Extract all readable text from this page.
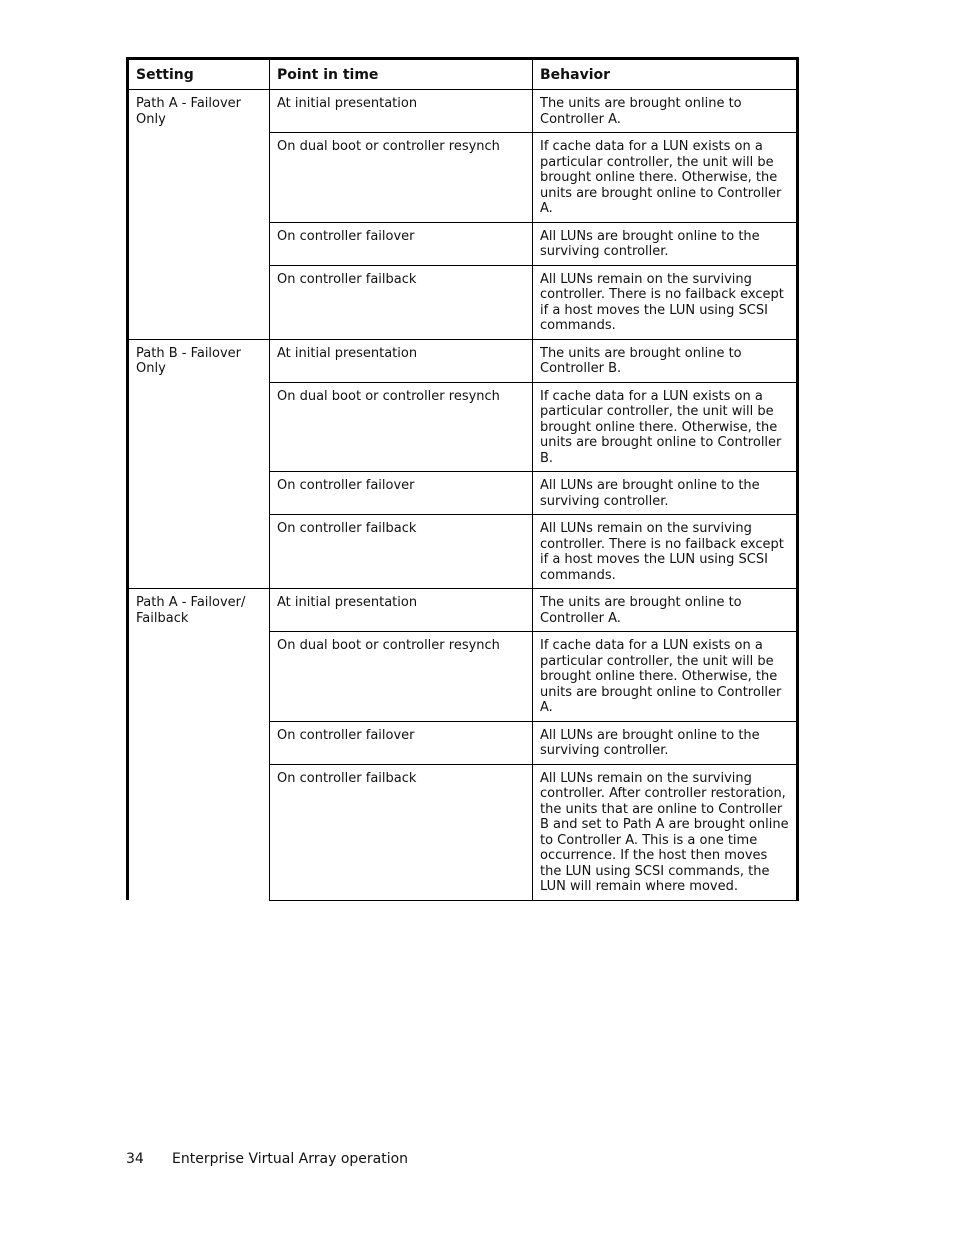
Setting	Point in time	Behavior
Path A - Failover Only	At initial presentation	The units are brought online to Controller A.
	On dual boot or controller resynch	If cache data for a LUN exists on a particular controller, the unit will be brought online there. Otherwise, the units are brought online to Controller A.
	On controller failover	All LUNs are brought online to the surviving controller.
	On controller failback	All LUNs remain on the surviving controller. There is no failback except if a host moves the LUN using SCSI commands.
Path B - Failover Only	At initial presentation	The units are brought online to Controller B.
	On dual boot or controller resynch	If cache data for a LUN exists on a particular controller, the unit will be brought online there. Otherwise, the units are brought online to Controller B.
	On controller failover	All LUNs are brought online to the surviving controller.
	On controller failback	All LUNs remain on the surviving controller. There is no failback except if a host moves the LUN using SCSI commands.
Path A - Failover/ Failback	At initial presentation	The units are brought online to Controller A.
	On dual boot or controller resynch	If cache data for a LUN exists on a particular controller, the unit will be brought online there. Otherwise, the units are brought online to Controller A.
	On controller failover	All LUNs are brought online to the surviving controller.
	On controller failback	All LUNs remain on the surviving controller. After controller restoration, the units that are online to Controller B and set to Path A are brought online to Controller A. This is a one time occurrence. If the host then moves the LUN using SCSI commands, the LUN will remain where moved.
34 Enterprise Virtual Array operation
